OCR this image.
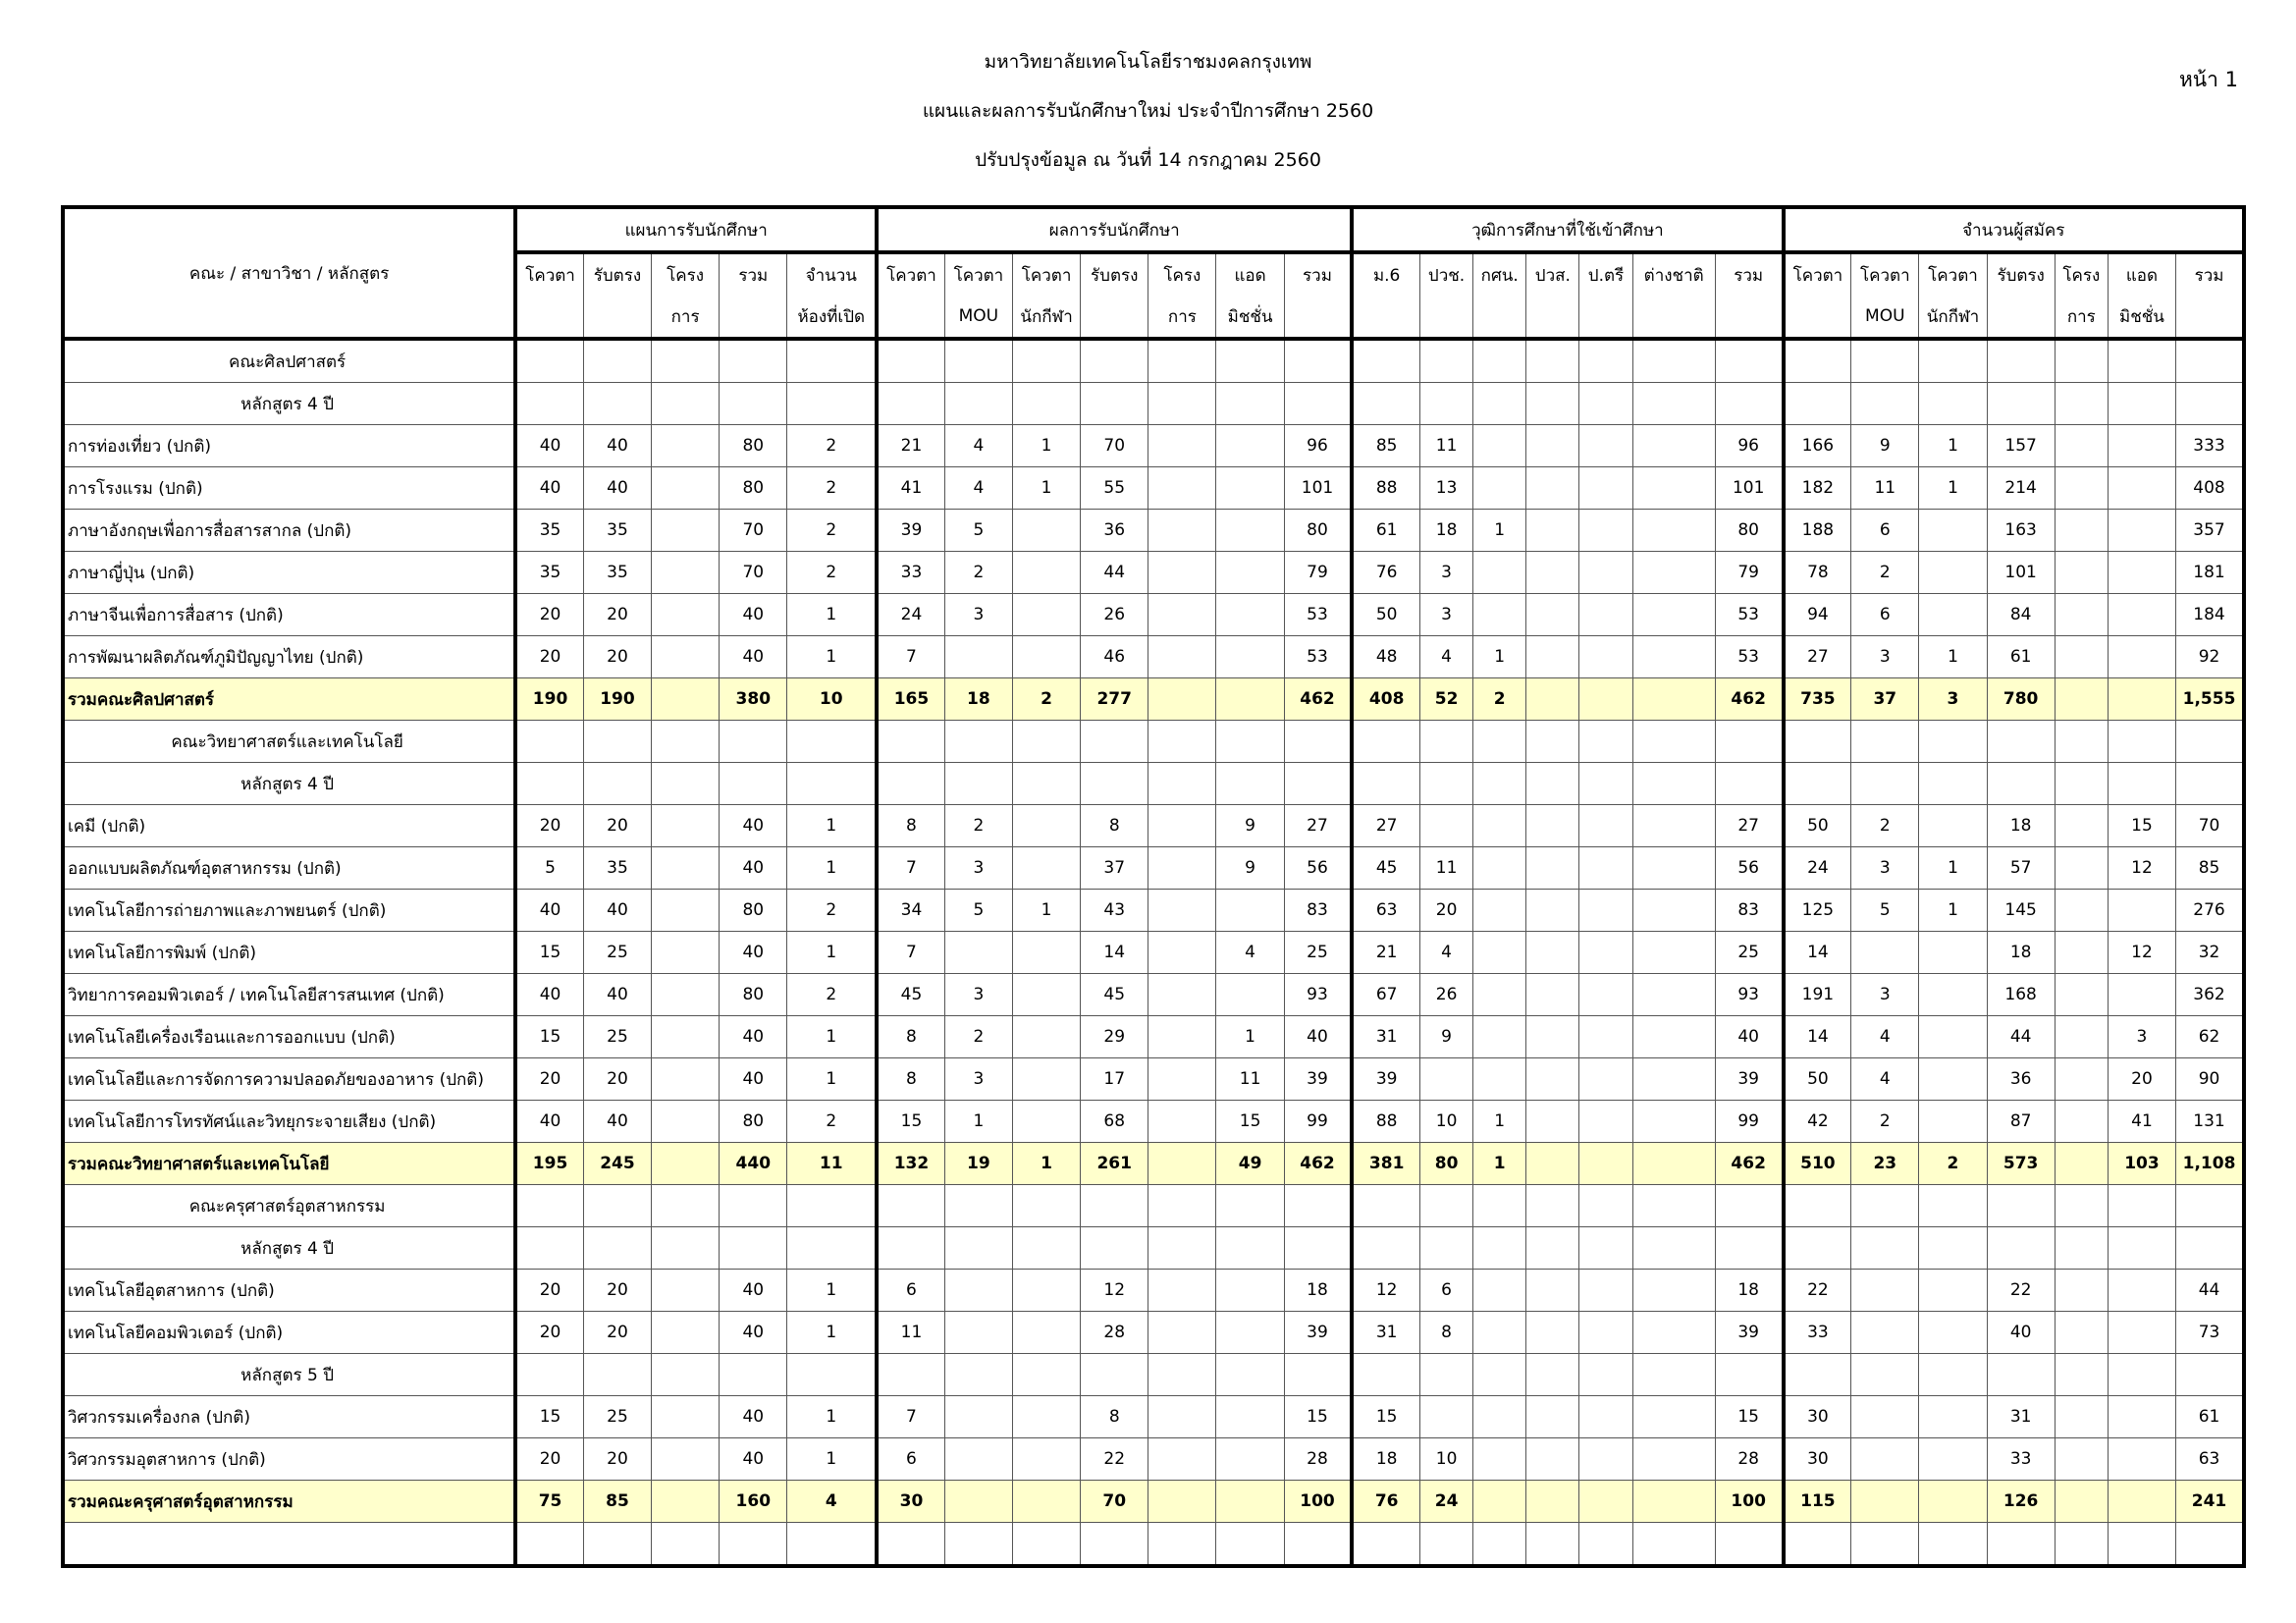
มหาวิทยาลัยเทคโนโลยีราชมงคลกรุงเทพ
แผนและผลการรับนักศึกษาใหม่ ประจำปีการศึกษา 2560
ปรับปรุงข้อมูล ณ วันที่ 14 กรกฎาคม 2560
หน้า 1
คณะ / สาขาวิชา / หลักสูตร	แผนการรับนักศึกษา					ผลการรับนักศึกษา							วุฒิการศึกษาที่ใช้เข้าศึกษา							จำนวนผู้สมัคร						
	โควตา	รับตรง	โครง	รวม	จำนวน	โควตา	โควตา	โควตา	รับตรง	โครง	แอด	รวม	ม.6	ปวช.	กศน.	ปวส.	ป.ตรี	ต่างชาติ	รวม	โควตา	โควตา	โควตา	รับตรง	โครง	แอด	รวม
			การ		ห้องที่เปิด		MOU	นักกีฬา		การ	มิชชั่น										MOU	นักกีฬา		การ	มิชชั่น	
คณะศิลปศาสตร์																										
หลักสูตร 4 ปี																										
การท่องเที่ยว (ปกติ)	40	40		80	2	21	4	1	70			96	85	11					96	166	9	1	157			333
การโรงแรม (ปกติ)	40	40		80	2	41	4	1	55			101	88	13					101	182	11	1	214			408
ภาษาอังกฤษเพื่อการสื่อสารสากล (ปกติ)	35	35		70	2	39	5		36			80	61	18	1				80	188	6		163			357
ภาษาญี่ปุ่น (ปกติ)	35	35		70	2	33	2		44			79	76	3					79	78	2		101			181
ภาษาจีนเพื่อการสื่อสาร (ปกติ)	20	20		40	1	24	3		26			53	50	3					53	94	6		84			184
การพัฒนาผลิตภัณฑ์ภูมิปัญญาไทย (ปกติ)	20	20		40	1	7			46			53	48	4	1				53	27	3	1	61			92
รวมคณะศิลปศาสตร์	190	190		380	10	165	18	2	277			462	408	52	2				462	735	37	3	780			1,555
คณะวิทยาศาสตร์และเทคโนโลยี																										
หลักสูตร 4 ปี																										
เคมี (ปกติ)	20	20		40	1	8	2		8		9	27	27						27	50	2		18		15	70
ออกแบบผลิตภัณฑ์อุตสาหกรรม (ปกติ)	5	35		40	1	7	3		37		9	56	45	11					56	24	3	1	57		12	85
เทคโนโลยีการถ่ายภาพและภาพยนตร์ (ปกติ)	40	40		80	2	34	5	1	43			83	63	20					83	125	5	1	145			276
เทคโนโลยีการพิมพ์ (ปกติ)	15	25		40	1	7			14		4	25	21	4					25	14			18		12	32
วิทยาการคอมพิวเตอร์ / เทคโนโลยีสารสนเทศ (ปกติ)	40	40		80	2	45	3		45			93	67	26					93	191	3		168			362
เทคโนโลยีเครื่องเรือนและการออกแบบ (ปกติ)	15	25		40	1	8	2		29		1	40	31	9					40	14	4		44		3	62
เทคโนโลยีและการจัดการความปลอดภัยของอาหาร (ปกติ)	20	20		40	1	8	3		17		11	39	39						39	50	4		36		20	90
เทคโนโลยีการโทรทัศน์และวิทยุกระจายเสียง (ปกติ)	40	40		80	2	15	1		68		15	99	88	10	1				99	42	2		87		41	131
รวมคณะวิทยาศาสตร์และเทคโนโลยี	195	245		440	11	132	19	1	261		49	462	381	80	1				462	510	23	2	573		103	1,108
คณะครุศาสตร์อุตสาหกรรม																										
หลักสูตร 4 ปี																										
เทคโนโลยีอุตสาหการ (ปกติ)	20	20		40	1	6			12			18	12	6					18	22			22			44
เทคโนโลยีคอมพิวเตอร์ (ปกติ)	20	20		40	1	11			28			39	31	8					39	33			40			73
หลักสูตร 5 ปี																										
วิศวกรรมเครื่องกล (ปกติ)	15	25		40	1	7			8			15	15						15	30			31			61
วิศวกรรมอุตสาหการ (ปกติ)	20	20		40	1	6			22			28	18	10					28	30			33			63
รวมคณะครุศาสตร์อุตสาหกรรม	75	85		160	4	30			70			100	76	24					100	115			126			241
